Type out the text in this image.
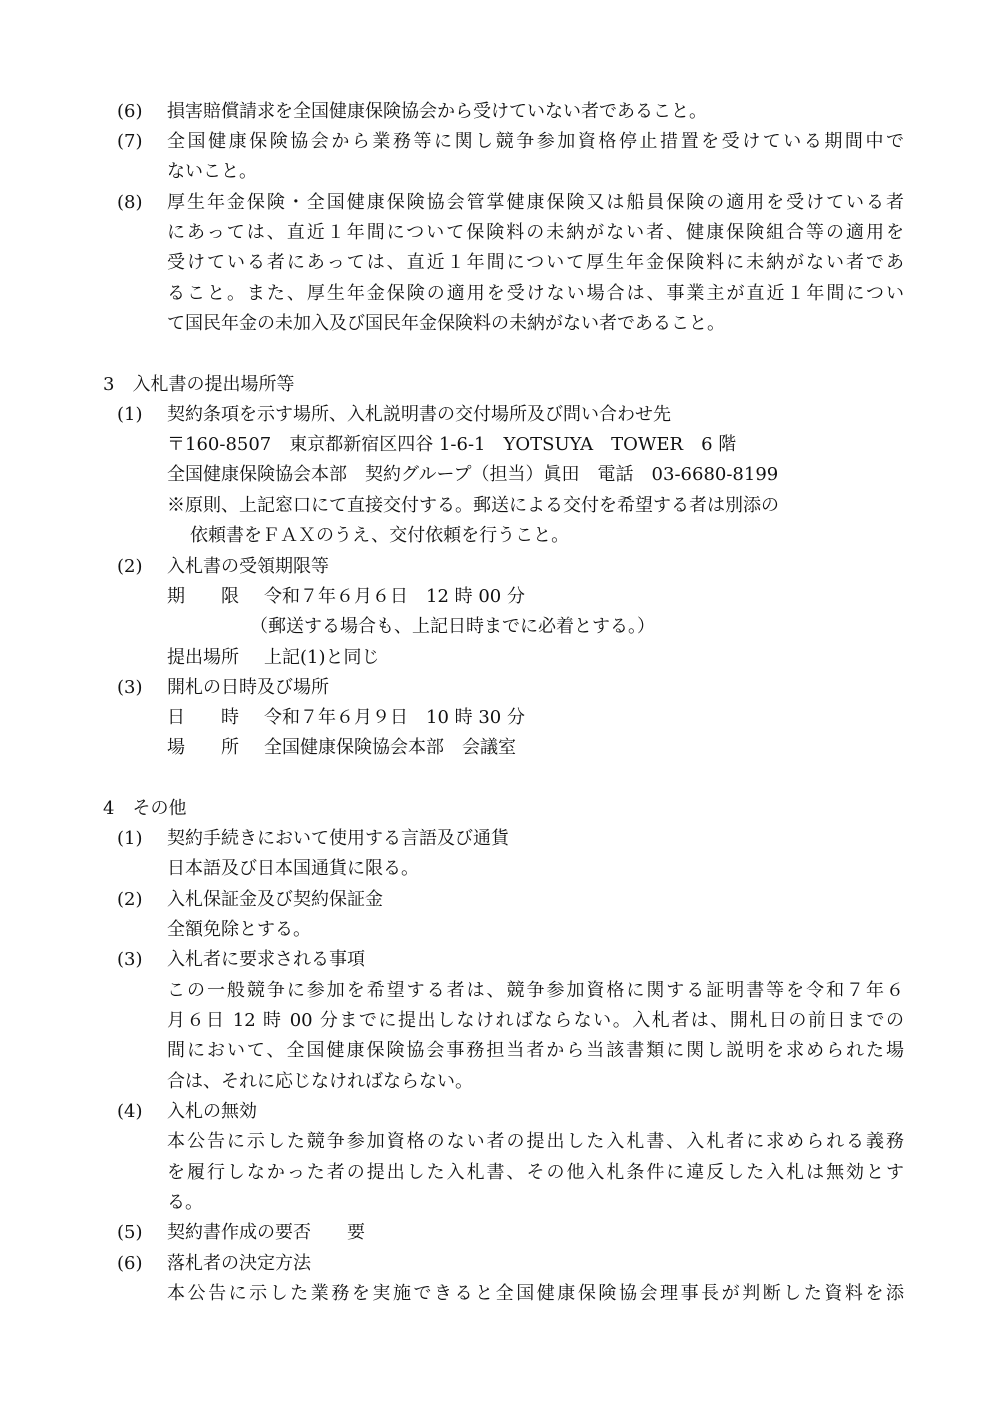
(6) 損害賠償請求を全国健康保険協会から受けていない者であること。
(7) 全国健康保険協会から業務等に関し競争参加資格停止措置を受けている期間中で
ないこと。
(8) 厚生年金保険・全国健康保険協会管掌健康保険又は船員保険の適用を受けている者
にあっては、直近１年間について保険料の未納がない者、健康保険組合等の適用を
受けている者にあっては、直近１年間について厚生年金保険料に未納がない者であ
ること。また、厚生年金保険の適用を受けない場合は、事業主が直近１年間につい
て国民年金の未加入及び国民年金保険料の未納がない者であること。
3　入札書の提出場所等
(1) 契約条項を示す場所、入札説明書の交付場所及び問い合わせ先
〒160-8507　東京都新宿区四谷 1-6-1　YOTSUYA　TOWER　6 階
全国健康保険協会本部　契約グループ（担当）眞田　電話　03-6680-8199
※原則、上記窓口にて直接交付する。郵送による交付を希望する者は別添の
依頼書をＦＡＸのうえ、交付依頼を行うこと。
(2) 入札書の受領期限等
期　　限 令和７年６月６日　12 時 00 分
（郵送する場合も、上記日時までに必着とする。）
提出場所 上記(1)と同じ
(3) 開札の日時及び場所
日　　時 令和７年６月９日　10 時 30 分
場　　所 全国健康保険協会本部　会議室
4　その他
(1) 契約手続きにおいて使用する言語及び通貨
日本語及び日本国通貨に限る。
(2) 入札保証金及び契約保証金
全額免除とする。
(3) 入札者に要求される事項
この一般競争に参加を希望する者は、競争参加資格に関する証明書等を令和７年６
月６日 12 時 00 分までに提出しなければならない。入札者は、開札日の前日までの
間において、全国健康保険協会事務担当者から当該書類に関し説明を求められた場
合は、それに応じなければならない。
(4) 入札の無効
本公告に示した競争参加資格のない者の提出した入札書、入札者に求められる義務
を履行しなかった者の提出した入札書、その他入札条件に違反した入札は無効とす
る。
(5) 契約書作成の要否　　要
(6) 落札者の決定方法
本公告に示した業務を実施できると全国健康保険協会理事長が判断した資料を添
